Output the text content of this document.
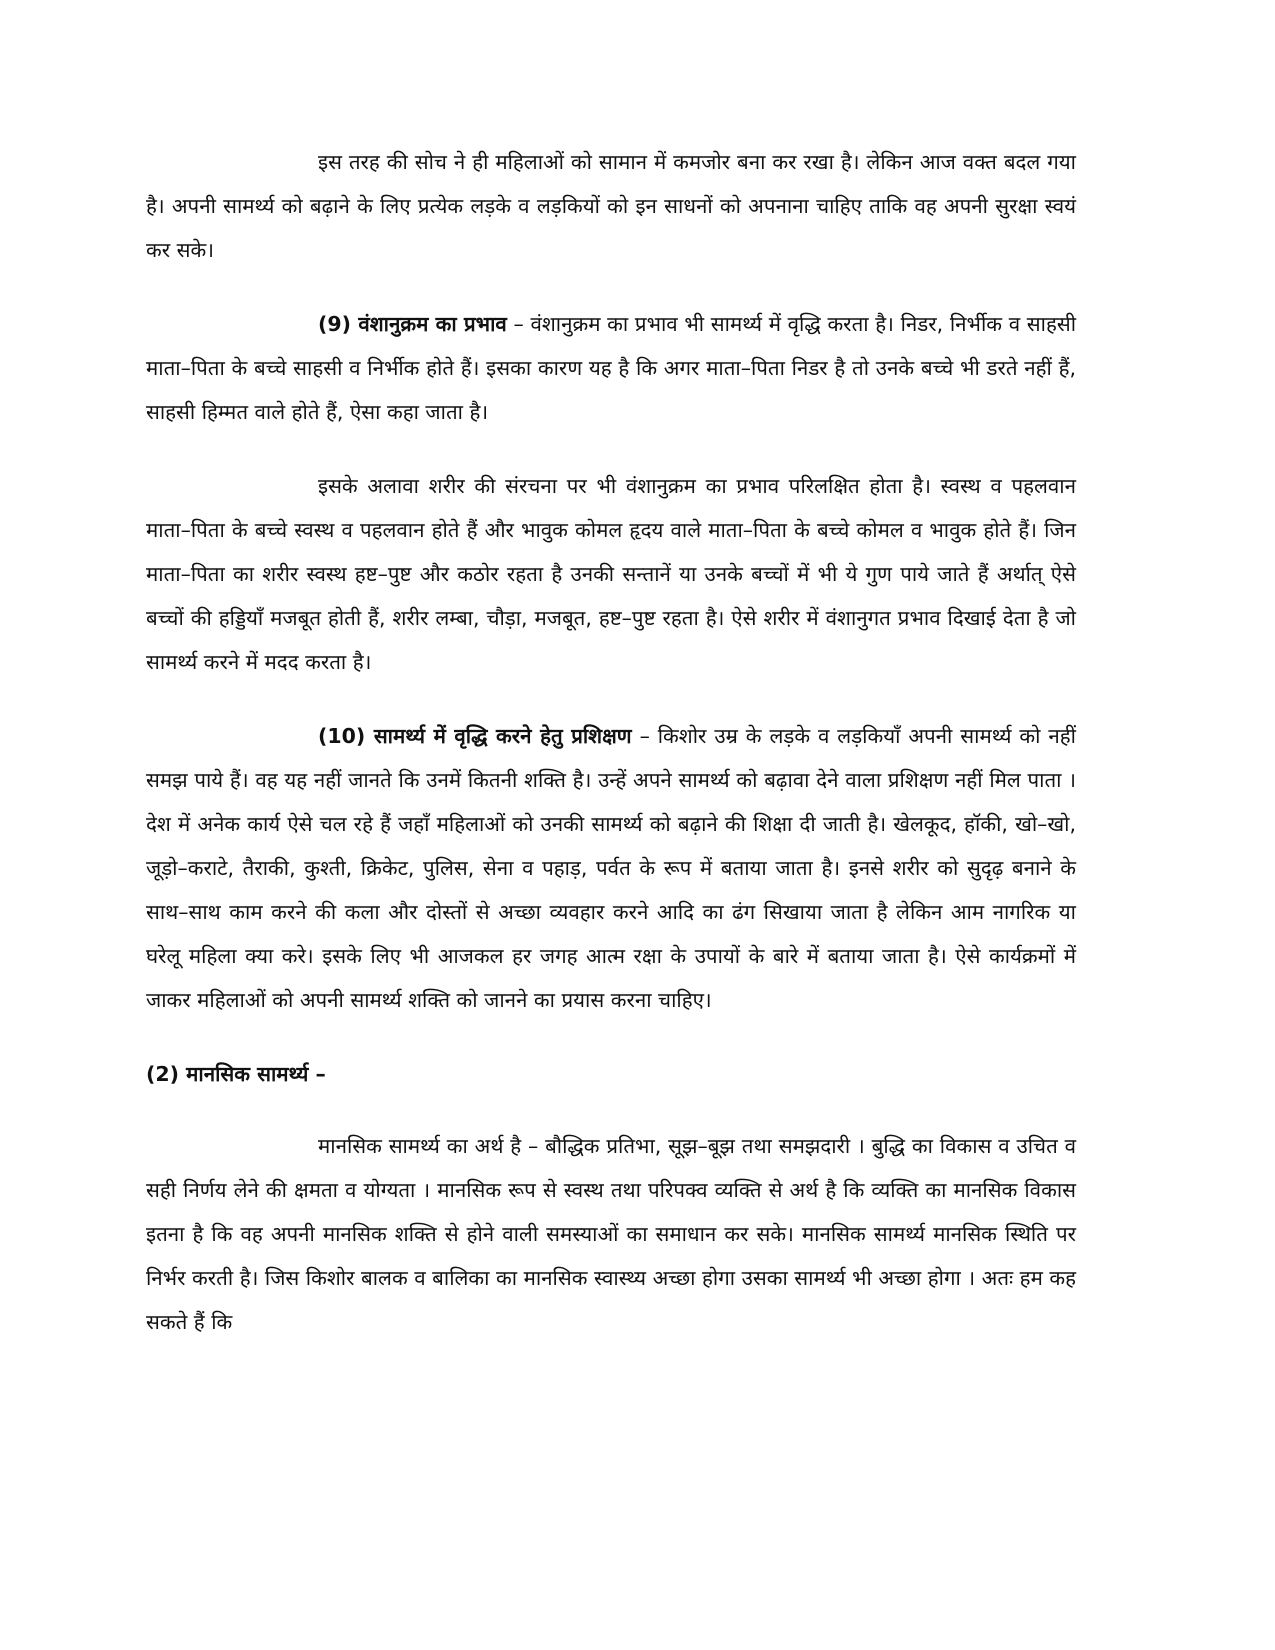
इस तरह की सोच ने ही महिलाओं को सामान में कमजोर बना कर रखा है। लेकिन आज वक्त बदल गया है। अपनी सामर्थ्य को बढ़ाने के लिए प्रत्येक लड़के व लड़कियों को इन साधनों को अपनाना चाहिए ताकि वह अपनी सुरक्षा स्वयं कर सके।

(9) वंशानुक्रम का प्रभाव – वंशानुक्रम का प्रभाव भी सामर्थ्य में वृद्धि करता है। निडर, निर्भीक व साहसी माता–पिता के बच्चे साहसी व निर्भीक होते हैं। इसका कारण यह है कि अगर माता–पिता निडर है तो उनके बच्चे भी डरते नहीं हैं, साहसी हिम्मत वाले होते हैं, ऐसा कहा जाता है।

इसके अलावा शरीर की संरचना पर भी वंशानुक्रम का प्रभाव परिलक्षित होता है। स्वस्थ व पहलवान माता–पिता के बच्चे स्वस्थ व पहलवान होते हैं और भावुक कोमल हृदय वाले माता–पिता के बच्चे कोमल व भावुक होते हैं। जिन माता–पिता का शरीर स्वस्थ हष्ट–पुष्ट और कठोर रहता है उनकी सन्तानें या उनके बच्चों में भी ये गुण पाये जाते हैं अर्थात् ऐसे बच्चों की हड्डियाँ मजबूत होती हैं, शरीर लम्बा, चौड़ा, मजबूत, हष्ट–पुष्ट रहता है। ऐसे शरीर में वंशानुगत प्रभाव दिखाई देता है जो सामर्थ्य करने में मदद करता है।

(10) सामर्थ्य में वृद्धि करने हेतु प्रशिक्षण – किशोर उम्र के लड़के व लड़कियाँ अपनी सामर्थ्य को नहीं समझ पाये हैं। वह यह नहीं जानते कि उनमें कितनी शक्ति है। उन्हें अपने सामर्थ्य को बढ़ावा देने वाला प्रशिक्षण नहीं मिल पाता । देश में अनेक कार्य ऐसे चल रहे हैं जहाँ महिलाओं को उनकी सामर्थ्य को बढ़ाने की शिक्षा दी जाती है। खेलकूद, हॉकी, खो–खो, जूड़ो–कराटे, तैराकी, कुश्ती, क्रिकेट, पुलिस, सेना व पहाड़, पर्वत के रूप में बताया जाता है। इनसे शरीर को सुदृढ़ बनाने के साथ–साथ काम करने की कला और दोस्तों से अच्छा व्यवहार करने आदि का ढंग सिखाया जाता है लेकिन आम नागरिक या घरेलू महिला क्या करे। इसके लिए भी आजकल हर जगह आत्म रक्षा के उपायों के बारे में बताया जाता है। ऐसे कार्यक्रमों में जाकर महिलाओं को अपनी सामर्थ्य शक्ति को जानने का प्रयास करना चाहिए।

(2) मानसिक सामर्थ्य –

मानसिक सामर्थ्य का अर्थ है – बौद्धिक प्रतिभा, सूझ–बूझ तथा समझदारी । बुद्धि का विकास व उचित व सही निर्णय लेने की क्षमता व योग्यता । मानसिक रूप से स्वस्थ तथा परिपक्व व्यक्ति से अर्थ है कि व्यक्ति का मानसिक विकास इतना है कि वह अपनी मानसिक शक्ति से होने वाली समस्याओं का समाधान कर सके। मानसिक सामर्थ्य मानसिक स्थिति पर निर्भर करती है। जिस किशोर बालक व बालिका का मानसिक स्वास्थ्य अच्छा होगा उसका सामर्थ्य भी अच्छा होगा । अतः हम कह सकते हैं कि
